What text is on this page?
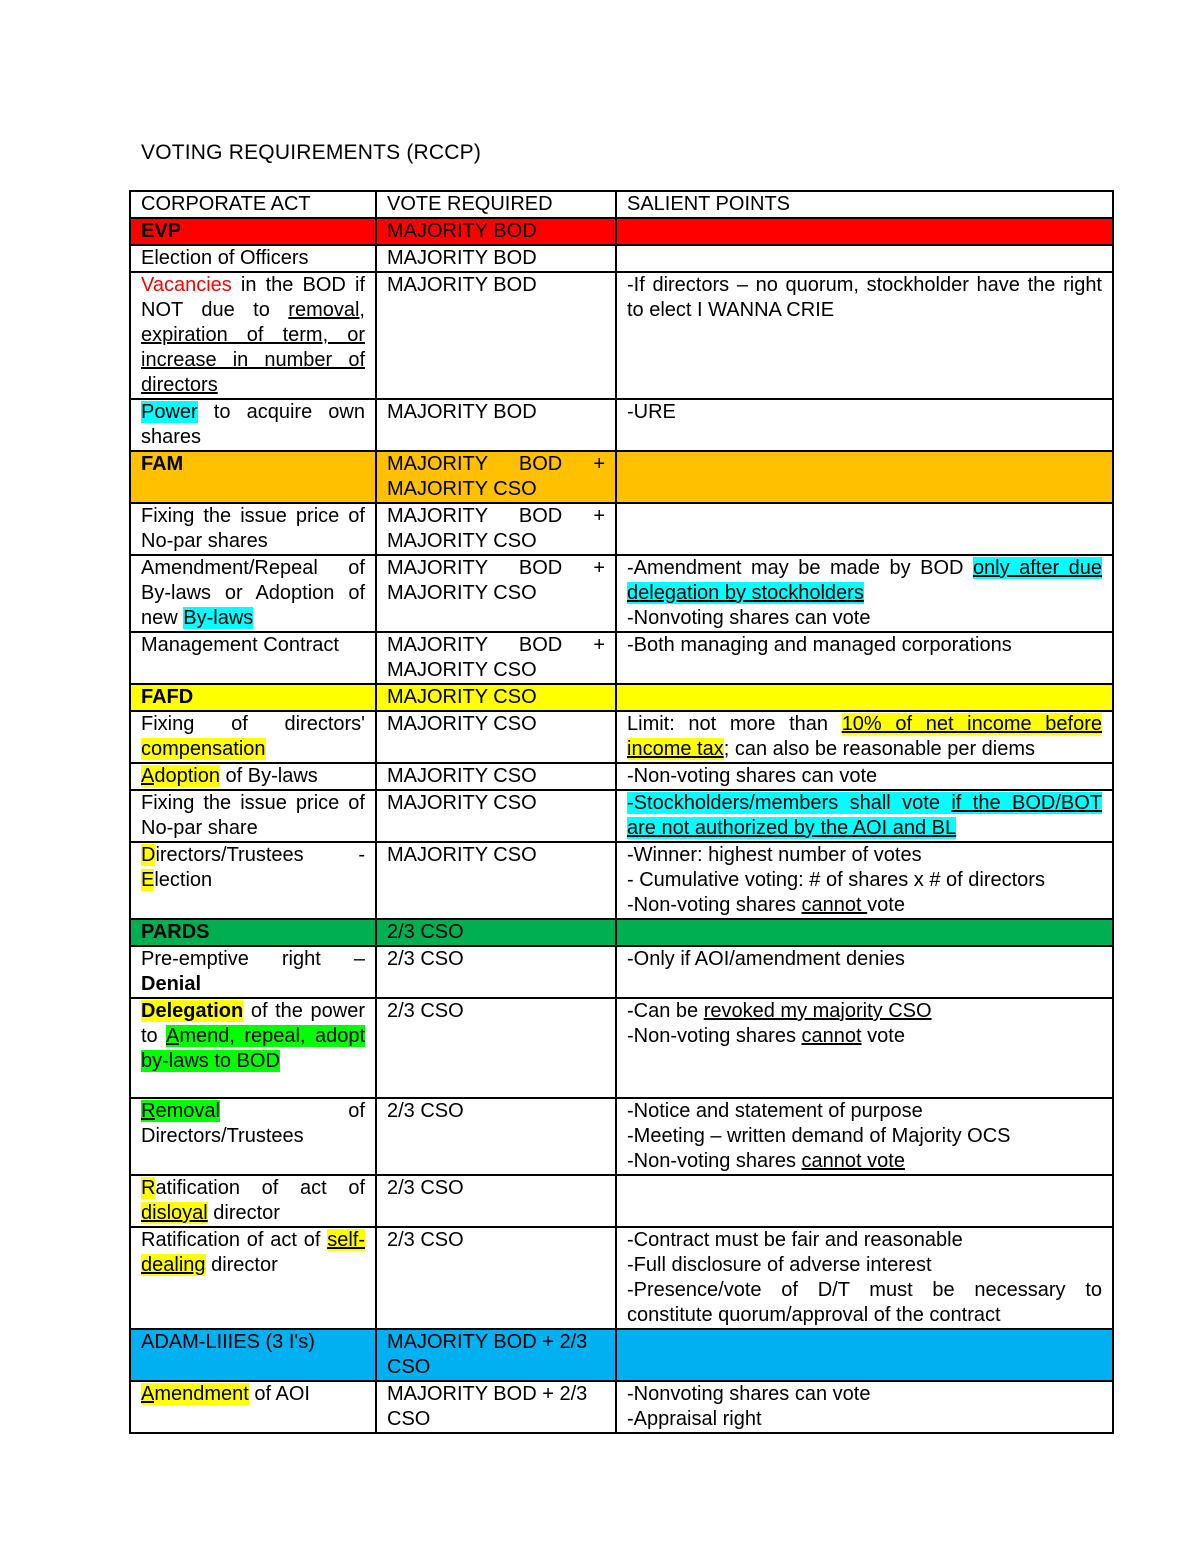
VOTING REQUIREMENTS (RCCP)
CORPORATE ACT	VOTE REQUIRED	SALIENT POINTS
EVP	MAJORITY BOD	
Election of Officers	MAJORITY BOD	
Vacancies in the BOD if NOT due to removal, expiration of term, or increase in number of directors	MAJORITY BOD	-If directors – no quorum, stockholder have the right to elect I WANNA CRIE
Power to acquire own shares	MAJORITY BOD	-URE
FAM	MAJORITY BOD + MAJORITY CSO	
Fixing the issue price of No-par shares	MAJORITY BOD + MAJORITY CSO	
Amendment/Repeal of By-laws or Adoption of new By-laws	MAJORITY BOD + MAJORITY CSO	-Amendment may be made by BOD only after due delegation by stockholders
-Nonvoting shares can vote

Management Contract	MAJORITY BOD + MAJORITY CSO	-Both managing and managed corporations
FAFD	MAJORITY CSO	
Fixing of directors' compensation	MAJORITY CSO	Limit: not more than 10% of net income before income tax; can also be reasonable per diems
Adoption of By-laws	MAJORITY CSO	-Non-voting shares can vote
Fixing the issue price of No-par share	MAJORITY CSO	-Stockholders/members shall vote if the BOD/BOT are not authorized by the AOI and BL
Directors/Trustees - Election	MAJORITY CSO	-Winner: highest number of votes
- Cumulative voting: # of shares x # of directors
-Non-voting shares cannot vote

PARDS	2/3 CSO	
Pre-emptive right – Denial	2/3 CSO	-Only if AOI/amendment denies
Delegation of the power to Amend, repeal, adopt by-laws to BOD	2/3 CSO	-Can be revoked my majority CSO
-Non-voting shares cannot vote

Removal of Directors/Trustees	2/3 CSO	-Notice and statement of purpose
-Meeting – written demand of Majority OCS
-Non-voting shares cannot vote

Ratification of act of disloyal director	2/3 CSO	
Ratification of act of self-dealing director	2/3 CSO	-Contract must be fair and reasonable
-Full disclosure of adverse interest
-Presence/vote of D/T must be necessary to constitute quorum/approval of the contract

ADAM-LIIIES (3 I's)	MAJORITY BOD + 2/3 CSO	
Amendment of AOI	MAJORITY BOD + 2/3 CSO	-Nonvoting shares can vote
-Appraisal right
